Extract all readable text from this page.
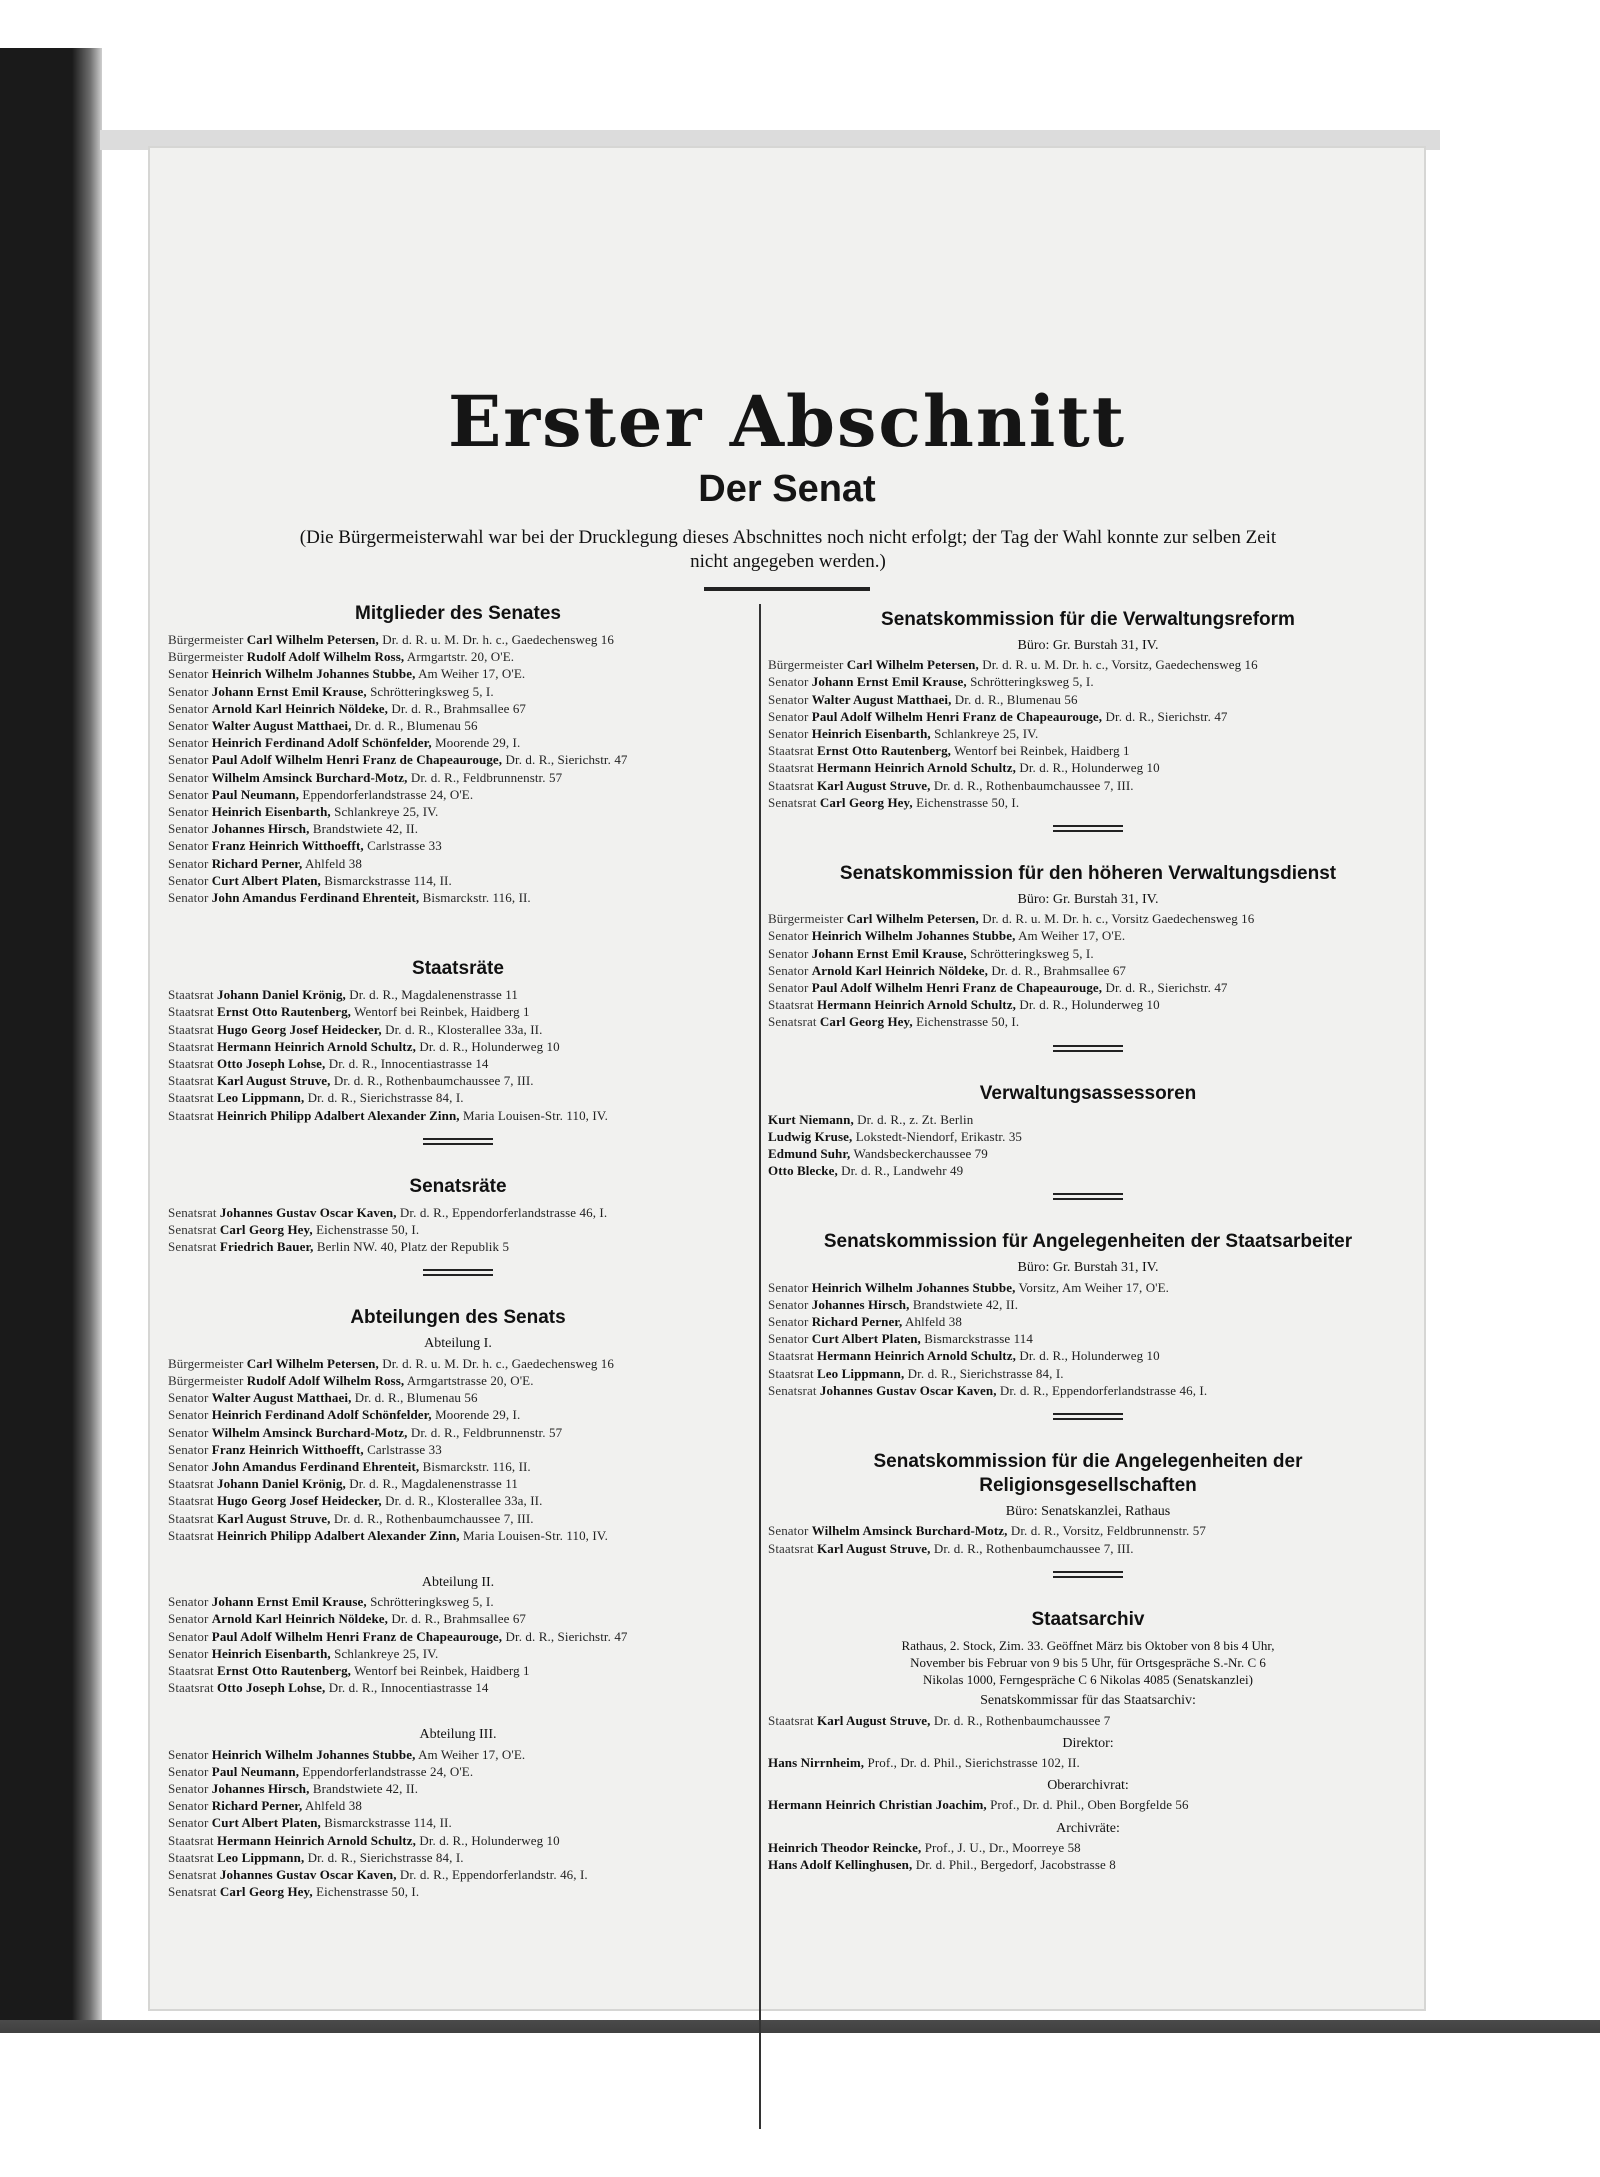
Erster Abschnitt
Der Senat

(Die Bürgermeisterwahl war bei der Drucklegung dieses Abschnittes noch nicht erfolgt; der Tag der Wahl konnte zur selben Zeit nicht angegeben werden.)

Mitglieder des Senates
Bürgermeister Carl Wilhelm Petersen, Dr. d. R. u. M. Dr. h. c., Gaedechensweg 16
Bürgermeister Rudolf Adolf Wilhelm Ross, Armgartstr. 20, O'E.
Senator Heinrich Wilhelm Johannes Stubbe, Am Weiher 17, O'E.
Senator Johann Ernst Emil Krause, Schrötteringksweg 5, I.
Senator Arnold Karl Heinrich Nöldeke, Dr. d. R., Brahmsallee 67
Senator Walter August Matthaei, Dr. d. R., Blumenau 56
Senator Heinrich Ferdinand Adolf Schönfelder, Moorende 29, I.
Senator Paul Adolf Wilhelm Henri Franz de Chapeaurouge, Dr. d. R., Sierichstr. 47
Senator Wilhelm Amsinck Burchard-Motz, Dr. d. R., Feldbrunnenstr. 57
Senator Paul Neumann, Eppendorferlandstrasse 24, O'E.
Senator Heinrich Eisenbarth, Schlankreye 25, IV.
Senator Johannes Hirsch, Brandstwiete 42, II.
Senator Franz Heinrich Witthoefft, Carlstrasse 33
Senator Richard Perner, Ahlfeld 38
Senator Curt Albert Platen, Bismarckstrasse 114, II.
Senator John Amandus Ferdinand Ehrenteit, Bismarckstr. 116, II.
Staatsräte
Staatsrat Johann Daniel Krönig, Dr. d. R., Magdalenenstrasse 11
Staatsrat Ernst Otto Rautenberg, Wentorf bei Reinbek, Haidberg 1
Staatsrat Hugo Georg Josef Heidecker, Dr. d. R., Klosterallee 33a, II.
Staatsrat Hermann Heinrich Arnold Schultz, Dr. d. R., Holunderweg 10
Staatsrat Otto Joseph Lohse, Dr. d. R., Innocentiastrasse 14
Staatsrat Karl August Struve, Dr. d. R., Rothenbaumchaussee 7, III.
Staatsrat Leo Lippmann, Dr. d. R., Sierichstrasse 84, I.
Staatsrat Heinrich Philipp Adalbert Alexander Zinn, Maria Louisen-Str. 110, IV.
Senatsräte
Senatsrat Johannes Gustav Oscar Kaven, Dr. d. R., Eppendorferlandstrasse 46, I.
Senatsrat Carl Georg Hey, Eichenstrasse 50, I.
Senatsrat Friedrich Bauer, Berlin NW. 40, Platz der Republik 5
Abteilungen des Senats
Abteilung I.
Bürgermeister Carl Wilhelm Petersen, Dr. d. R. u. M. Dr. h. c., Gaedechensweg 16
Bürgermeister Rudolf Adolf Wilhelm Ross, Armgartstrasse 20, O'E.
Senator Walter August Matthaei, Dr. d. R., Blumenau 56
Senator Heinrich Ferdinand Adolf Schönfelder, Moorende 29, I.
Senator Wilhelm Amsinck Burchard-Motz, Dr. d. R., Feldbrunnenstr. 57
Senator Franz Heinrich Witthoefft, Carlstrasse 33
Senator John Amandus Ferdinand Ehrenteit, Bismarckstr. 116, II.
Staatsrat Johann Daniel Krönig, Dr. d. R., Magdalenenstrasse 11
Staatsrat Hugo Georg Josef Heidecker, Dr. d. R., Klosterallee 33a, II.
Staatsrat Karl August Struve, Dr. d. R., Rothenbaumchaussee 7, III.
Staatsrat Heinrich Philipp Adalbert Alexander Zinn, Maria Louisen-Str. 110, IV.
Abteilung II.
Senator Johann Ernst Emil Krause, Schrötteringksweg 5, I.
Senator Arnold Karl Heinrich Nöldeke, Dr. d. R., Brahmsallee 67
Senator Paul Adolf Wilhelm Henri Franz de Chapeaurouge, Dr. d. R., Sierichstr. 47
Senator Heinrich Eisenbarth, Schlankreye 25, IV.
Staatsrat Ernst Otto Rautenberg, Wentorf bei Reinbek, Haidberg 1
Staatsrat Otto Joseph Lohse, Dr. d. R., Innocentiastrasse 14
Abteilung III.
Senator Heinrich Wilhelm Johannes Stubbe, Am Weiher 17, O'E.
Senator Paul Neumann, Eppendorferlandstrasse 24, O'E.
Senator Johannes Hirsch, Brandstwiete 42, II.
Senator Richard Perner, Ahlfeld 38
Senator Curt Albert Platen, Bismarckstrasse 114, II.
Staatsrat Hermann Heinrich Arnold Schultz, Dr. d. R., Holunderweg 10
Staatsrat Leo Lippmann, Dr. d. R., Sierichstrasse 84, I.
Senatsrat Johannes Gustav Oscar Kaven, Dr. d. R., Eppendorferlandstr. 46, I.
Senatsrat Carl Georg Hey, Eichenstrasse 50, I.
Senatskommission für die Verwaltungsreform
Büro: Gr. Burstah 31, IV.
Bürgermeister Carl Wilhelm Petersen, Dr. d. R. u. M. Dr. h. c., Vorsitz, Gaedechensweg 16
Senator Johann Ernst Emil Krause, Schrötteringksweg 5, I.
Senator Walter August Matthaei, Dr. d. R., Blumenau 56
Senator Paul Adolf Wilhelm Henri Franz de Chapeaurouge, Dr. d. R., Sierichstr. 47
Senator Heinrich Eisenbarth, Schlankreye 25, IV.
Staatsrat Ernst Otto Rautenberg, Wentorf bei Reinbek, Haidberg 1
Staatsrat Hermann Heinrich Arnold Schultz, Dr. d. R., Holunderweg 10
Staatsrat Karl August Struve, Dr. d. R., Rothenbaumchaussee 7, III.
Senatsrat Carl Georg Hey, Eichenstrasse 50, I.
Senatskommission für den höheren Verwaltungsdienst
Büro: Gr. Burstah 31, IV.
Bürgermeister Carl Wilhelm Petersen, Dr. d. R. u. M. Dr. h. c., Vorsitz Gaedechensweg 16
Senator Heinrich Wilhelm Johannes Stubbe, Am Weiher 17, O'E.
Senator Johann Ernst Emil Krause, Schrötteringksweg 5, I.
Senator Arnold Karl Heinrich Nöldeke, Dr. d. R., Brahmsallee 67
Senator Paul Adolf Wilhelm Henri Franz de Chapeaurouge, Dr. d. R., Sierichstr. 47
Staatsrat Hermann Heinrich Arnold Schultz, Dr. d. R., Holunderweg 10
Senatsrat Carl Georg Hey, Eichenstrasse 50, I.
Verwaltungsassessoren
Kurt Niemann, Dr. d. R., z. Zt. Berlin
Ludwig Kruse, Lokstedt-Niendorf, Erikastr. 35
Edmund Suhr, Wandsbeckerchaussee 79
Otto Blecke, Dr. d. R., Landwehr 49
Senatskommission für Angelegenheiten der Staatsarbeiter
Büro: Gr. Burstah 31, IV.
Senator Heinrich Wilhelm Johannes Stubbe, Vorsitz, Am Weiher 17, O'E.
Senator Johannes Hirsch, Brandstwiete 42, II.
Senator Richard Perner, Ahlfeld 38
Senator Curt Albert Platen, Bismarckstrasse 114
Staatsrat Hermann Heinrich Arnold Schultz, Dr. d. R., Holunderweg 10
Staatsrat Leo Lippmann, Dr. d. R., Sierichstrasse 84, I.
Senatsrat Johannes Gustav Oscar Kaven, Dr. d. R., Eppendorferlandstrasse 46, I.
Senatskommission für die Angelegenheiten der Religionsgesellschaften
Büro: Senatskanzlei, Rathaus
Senator Wilhelm Amsinck Burchard-Motz, Dr. d. R., Vorsitz, Feldbrunnenstr. 57
Staatsrat Karl August Struve, Dr. d. R., Rothenbaumchaussee 7, III.
Staatsarchiv
Rathaus, 2. Stock, Zim. 33. Geöffnet März bis Oktober von 8 bis 4 Uhr,
November bis Februar von 9 bis 5 Uhr, für Ortsgespräche S.-Nr. C 6
Nikolas 1000, Ferngespräche C 6 Nikolas 4085 (Senatskanzlei)
Senatskommissar für das Staatsarchiv:
Staatsrat Karl August Struve, Dr. d. R., Rothenbaumchaussee 7
Direktor:
Hans Nirrnheim, Prof., Dr. d. Phil., Sierichstrasse 102, II.
Oberarchivrat:
Hermann Heinrich Christian Joachim, Prof., Dr. d. Phil., Oben Borgfelde 56
Archivräte:
Heinrich Theodor Reincke, Prof., J. U., Dr., Moorreye 58
Hans Adolf Kellinghusen, Dr. d. Phil., Bergedorf, Jacobstrasse 8
